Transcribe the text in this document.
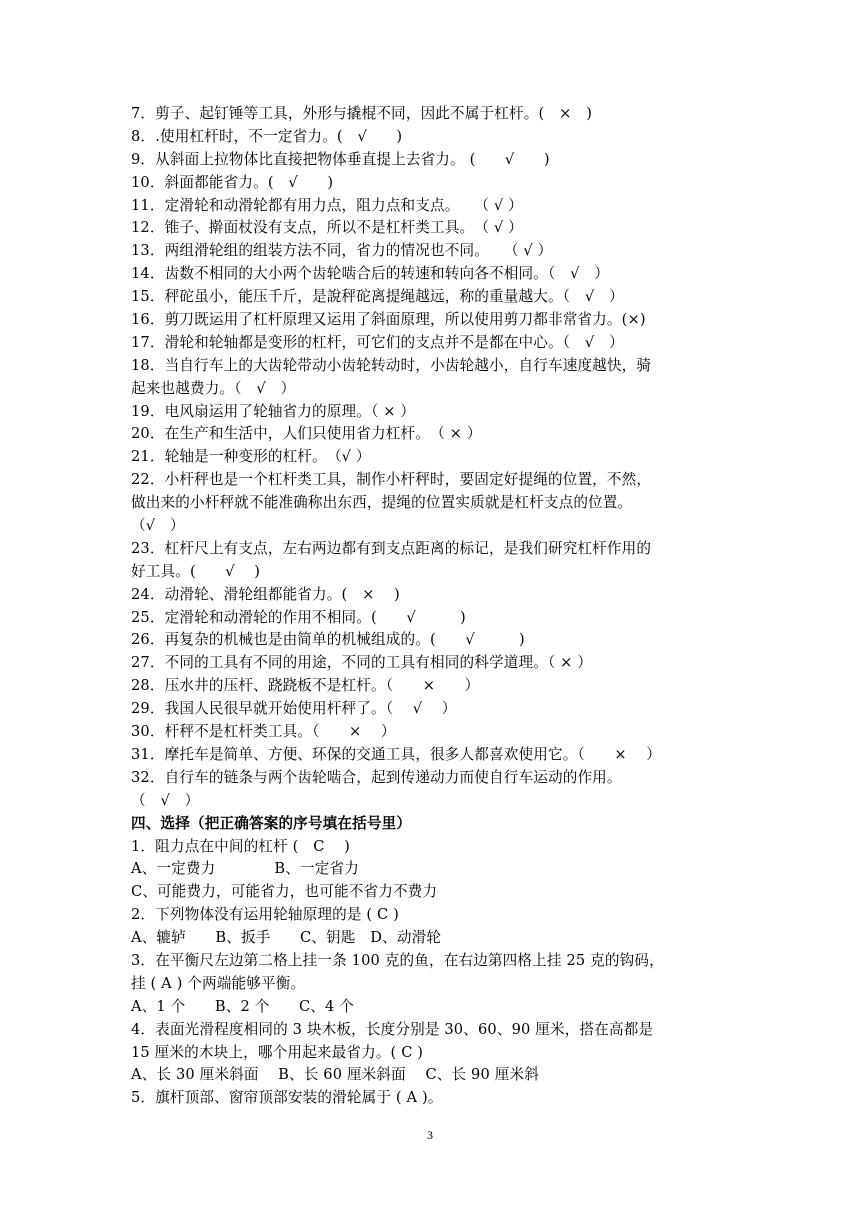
7．剪子、起钉锤等工具，外形与撬棍不同，因此不属于杠杆。(　×　)
8．.使用杠杆时，不一定省力。(　√　　)
9．从斜面上拉物体比直接把物体垂直提上去省力。 (　　√　　)
10．斜面都能省力。(　√　　)
11．定滑轮和动滑轮都有用力点，阻力点和支点。　　（ √ ）
12．锥子、擀面杖没有支点，所以不是杠杆类工具。　（ √ ）
13．两组滑轮组的组装方法不同，省力的情况也不同。　　（ √ ）
14．齿数不相同的大小两个齿轮啮合后的转速和转向各不相同。（　√　）
15．秤砣虽小，能压千斤，是說秤砣离提绳越远，称的重量越大。（　√　）
16．剪刀既运用了杠杆原理又运用了斜面原理，所以使用剪刀都非常省力。(×)
17．滑轮和轮轴都是变形的杠杆，可它们的支点并不是都在中心。（　√　）
18．当自行车上的大齿轮带动小齿轮转动时，小齿轮越小，自行车速度越快，骑
起来也越费力。（　√　）
19．电风扇运用了轮轴省力的原理。（ × ）
20．在生产和生活中，人们只使用省力杠杆。　（ × ）
21．轮轴是一种变形的杠杆。　（√ ）
22．小杆秤也是一个杠杆类工具，制作小杆秤时，要固定好提绳的位置，不然，
做出来的小杆秤就不能准确称出东西，提绳的位置实质就是杠杆支点的位置。
（√　）
23．杠杆尺上有支点，左右两边都有到支点距离的标记，是我们研究杠杆作用的
好工具。(　　√　 )
24．动滑轮、滑轮组都能省力。(　×　 )
25．定滑轮和动滑轮的作用不相同。(　　√　　　)
26．再复杂的机械也是由简单的机械组成的。(　　√　　　)
27．不同的工具有不同的用途，不同的工具有相同的科学道理。（ × ）
28．压水井的压杆、跷跷板不是杠杆。（　　×　　）
29．我国人民很早就开始使用杆秤了。（　 √　 ）
30．杆秤不是杠杆类工具。（　　×　 ）
31．摩托车是简单、方便、环保的交通工具，很多人都喜欢使用它。（　　×　 ）
32．自行车的链条与两个齿轮啮合，起到传递动力而使自行车运动的作用。
（　√　）
四、选择（把正确答案的序号填在括号里）
1．阻力点在中间的杠杆 (　C　 )
A、一定费力　　　　B、一定省力
C、可能费力，可能省力，也可能不省力不费力
2．下列物体没有运用轮轴原理的是 ( C )
A、辘轳　　B、扳手　　C、钥匙　D、动滑轮
3．在平衡尺左边第二格上挂一条 100 克的鱼，在右边第四格上挂 25 克的钩码，
挂 ( A ) 个两端能够平衡。
A、1 个　　B、2 个　　C、4 个
4．表面光滑程度相同的 3 块木板，长度分别是 30、60、90 厘米，搭在高都是
15 厘米的木块上，哪个用起来最省力。( C )
A、长 30 厘米斜面　 B、长 60 厘米斜面　 C、长 90 厘米斜
5．旗杆顶部、窗帘顶部安装的滑轮属于 ( A )。
3
